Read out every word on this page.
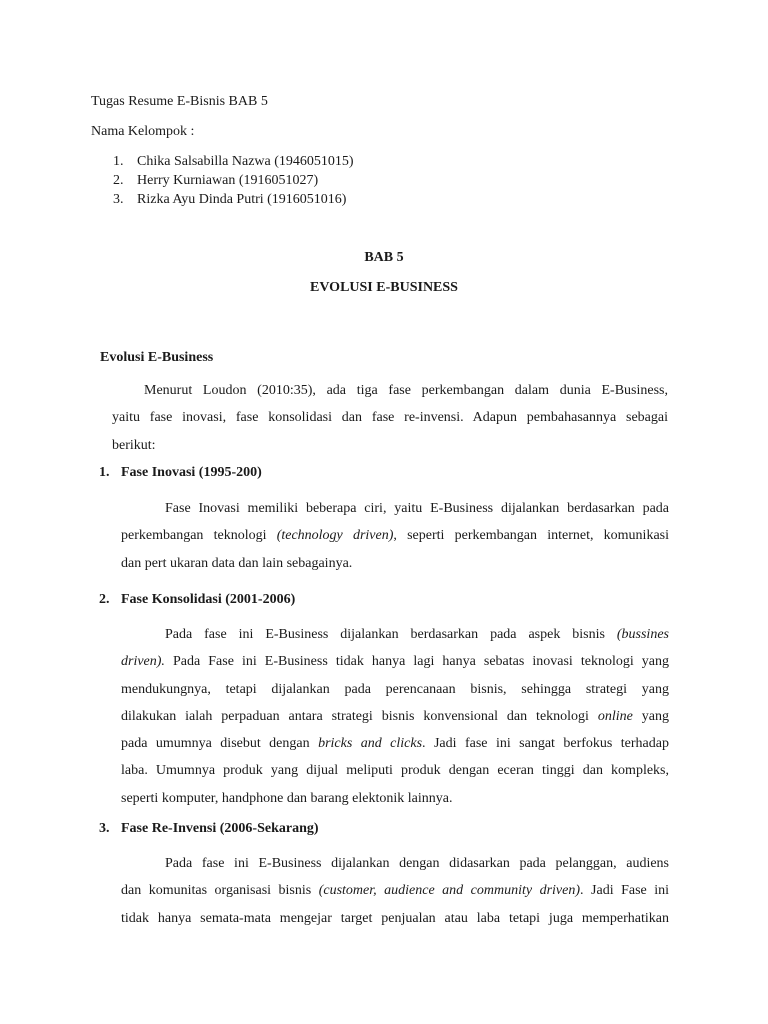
Tugas Resume E-Bisnis BAB 5
Nama Kelompok :
1. Chika Salsabilla Nazwa (1946051015)
2. Herry Kurniawan (1916051027)
3. Rizka Ayu Dinda Putri (1916051016)
BAB 5
EVOLUSI E-BUSINESS
Evolusi E-Business
Menurut Loudon (2010:35), ada tiga fase perkembangan dalam dunia E-Business,
yaitu fase inovasi, fase konsolidasi dan fase re-invensi. Adapun pembahasannya sebagai
berikut:
1. Fase Inovasi (1995-200)
Fase Inovasi memiliki beberapa ciri, yaitu E-Business dijalankan berdasarkan pada
perkembangan teknologi (technology driven), seperti perkembangan internet, komunikasi
dan pert ukaran data dan lain sebagainya.
2. Fase Konsolidasi (2001-2006)
Pada fase ini E-Business dijalankan berdasarkan pada aspek bisnis (bussines
driven). Pada Fase ini E-Business tidak hanya lagi hanya sebatas inovasi teknologi yang
mendukungnya, tetapi dijalankan pada perencanaan bisnis, sehingga strategi yang
dilakukan ialah perpaduan antara strategi bisnis konvensional dan teknologi online yang
pada umumnya disebut dengan bricks and clicks. Jadi fase ini sangat berfokus terhadap
laba. Umumnya produk yang dijual meliputi produk dengan eceran tinggi dan kompleks,
seperti komputer, handphone dan barang elektonik lainnya.
3. Fase Re-Invensi (2006-Sekarang)
Pada fase ini E-Business dijalankan dengan didasarkan pada pelanggan, audiens
dan komunitas organisasi bisnis (customer, audience and community driven). Jadi Fase ini
tidak hanya semata-mata mengejar target penjualan atau laba tetapi juga memperhatikan
